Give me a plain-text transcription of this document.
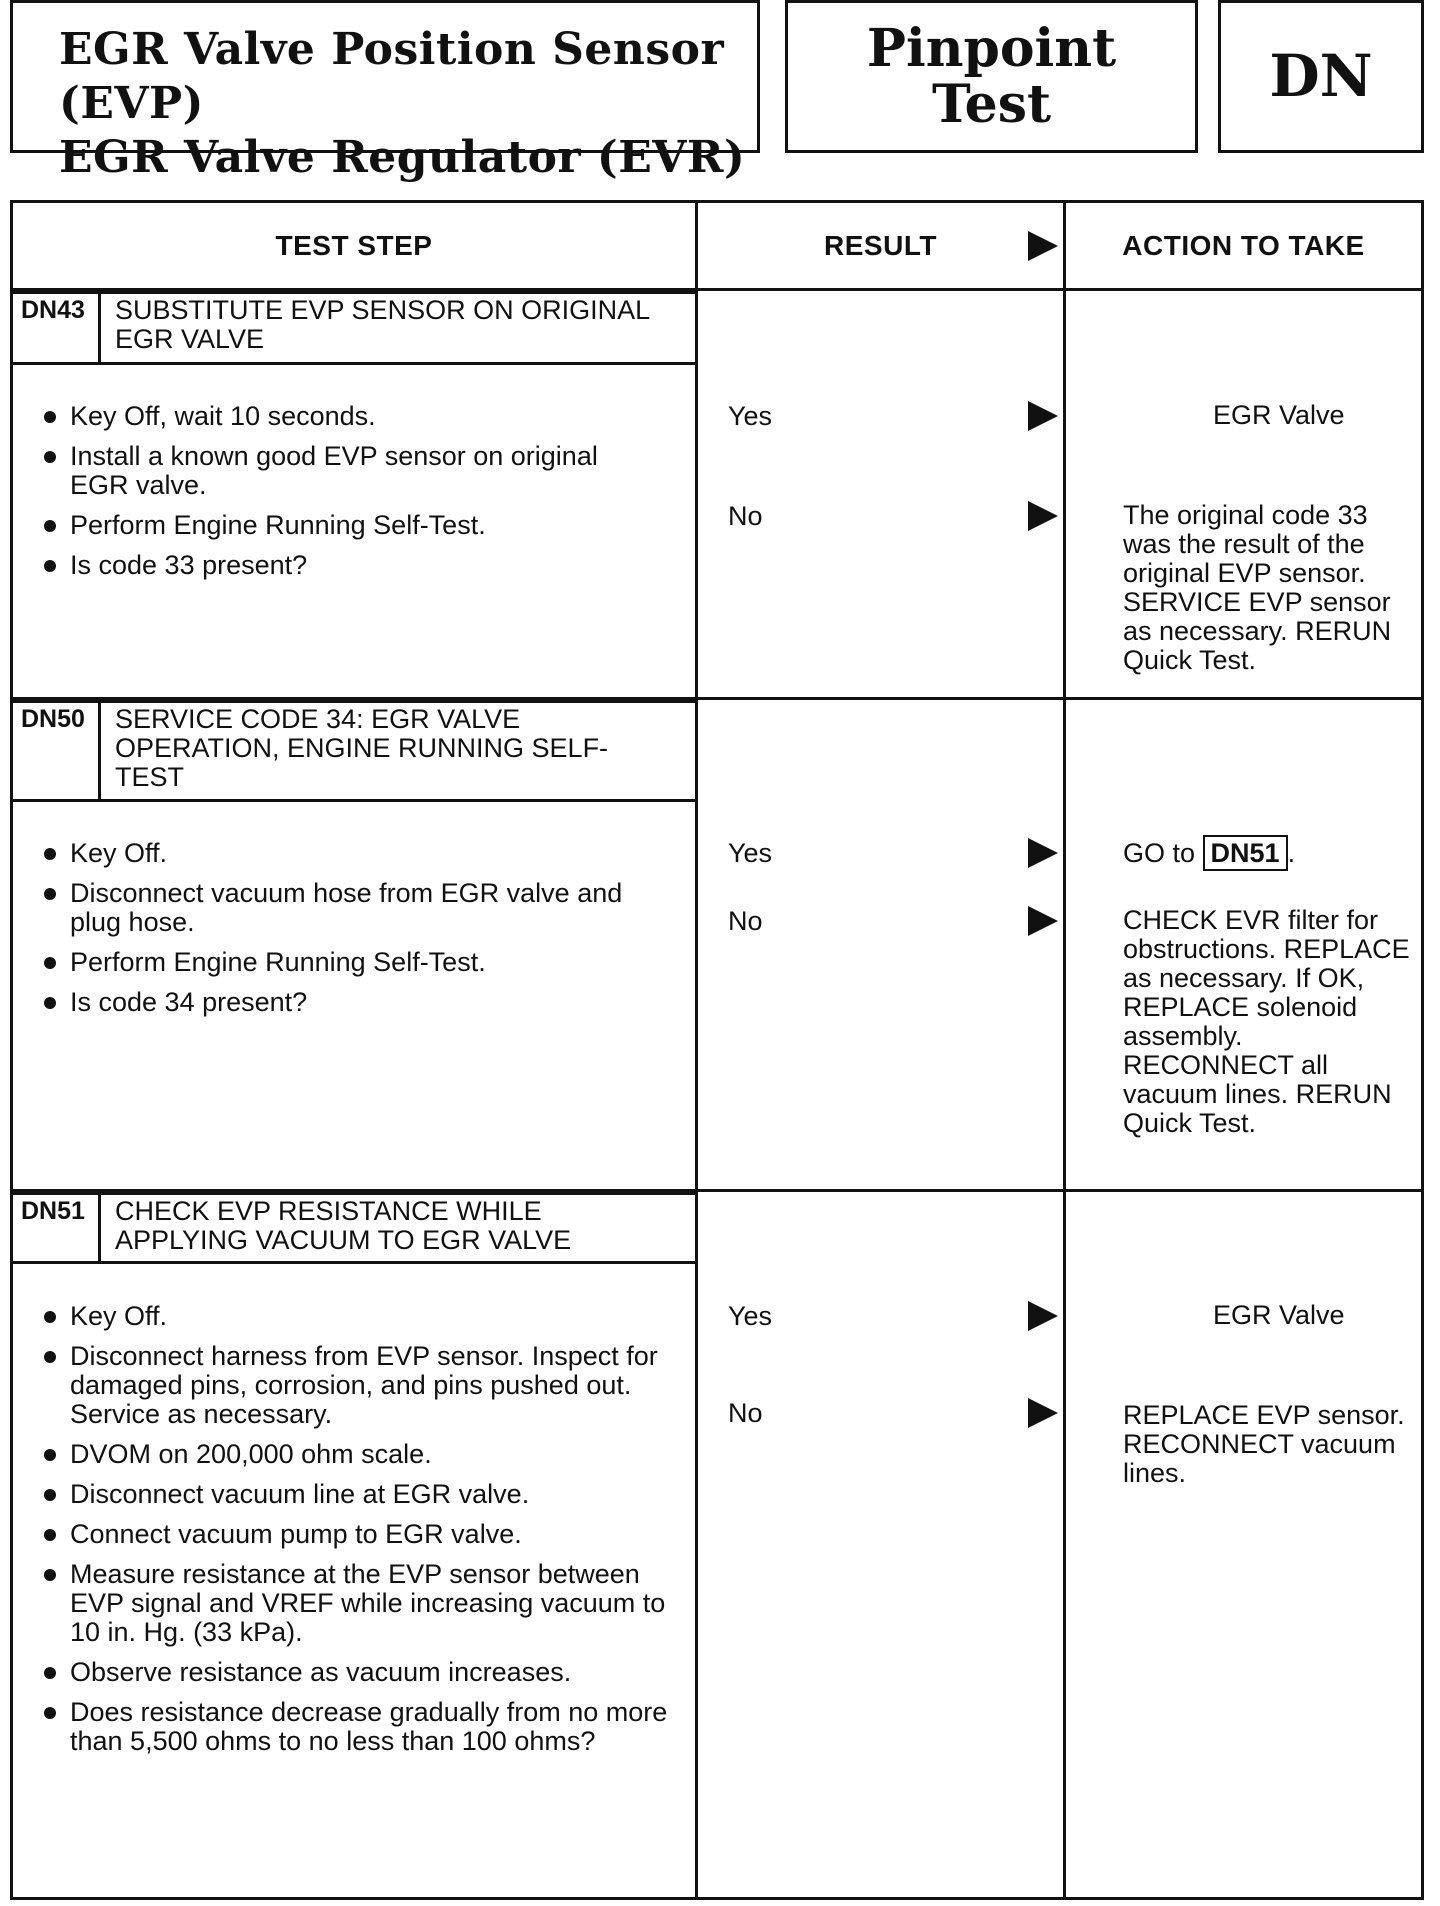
EGR Valve Position Sensor (EVP)
EGR Valve Regulator (EVR)
Pinpoint
Test	DN
TEST STEP	RESULT	ACTION TO TAKE
DN43 SUBSTITUTE EVP SENSOR ON ORIGINAL EGR VALVE
Key Off, wait 10 seconds.
Install a known good EVP sensor on original EGR valve.
Perform Engine Running Self-Test.
Is code 33 present?
Yes	EGR Valve
No	The original code 33 was the result of the original EVP sensor. SERVICE EVP sensor as necessary. RERUN Quick Test.
DN50 SERVICE CODE 34: EGR VALVE OPERATION, ENGINE RUNNING SELF-TEST
Key Off.
Disconnect vacuum hose from EGR valve and plug hose.
Perform Engine Running Self-Test.
Is code 34 present?
Yes	GO to DN51 .
No	CHECK EVR filter for obstructions. REPLACE as necessary. If OK, REPLACE solenoid assembly. RECONNECT all vacuum lines. RERUN Quick Test.
DN51 CHECK EVP RESISTANCE WHILE APPLYING VACUUM TO EGR VALVE
Key Off.
Disconnect harness from EVP sensor. Inspect for damaged pins, corrosion, and pins pushed out. Service as necessary.
DVOM on 200,000 ohm scale.
Disconnect vacuum line at EGR valve.
Connect vacuum pump to EGR valve.
Measure resistance at the EVP sensor between EVP signal and VREF while increasing vacuum to 10 in. Hg. (33 kPa).
Observe resistance as vacuum increases.
Does resistance decrease gradually from no more than 5,500 ohms to no less than 100 ohms?
Yes	EGR Valve
No	REPLACE EVP sensor. RECONNECT vacuum lines.
